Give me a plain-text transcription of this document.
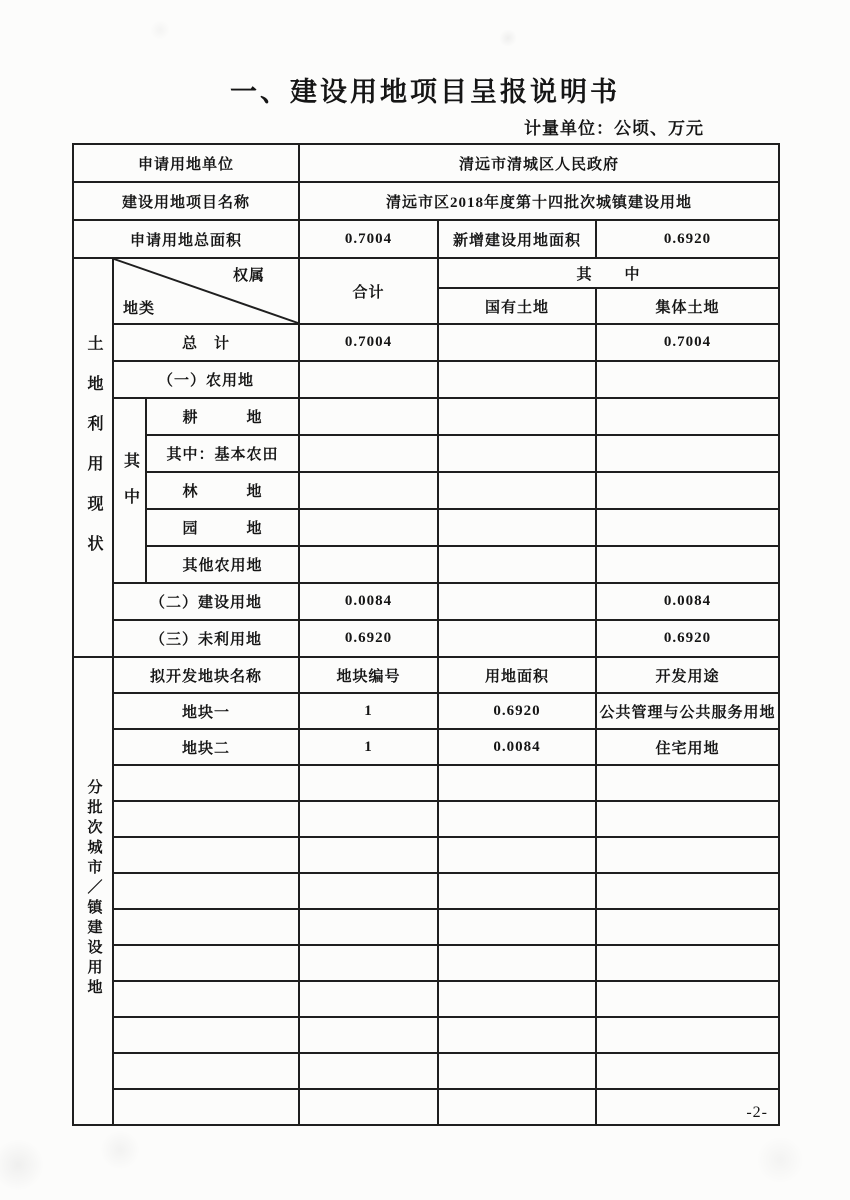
一、建设用地项目呈报说明书
计量单位：公顷、万元
申请用地单位			清远市清城区人民政府		
建设用地项目名称			清远市区2018年度第十四批次城镇建设用地		
申请用地总面积			0.7004	新增建设用地面积	0.6920
土地利用现状	权属
地类		合计	其　　中	
				国有土地	集体土地
	总　计		0.7004		0.7004
	（一）农用地				
	其中	耕　　　地			
		其中：基本农田			
		林　　　地			
		园　　　地			
		其他农用地			
	（二）建设用地		0.0084		0.0084
	（三）未利用地		0.6920		0.6920
分批次城市／镇建设用地	拟开发地块名称		地块编号	用地面积	开发用途
	地块一		1	0.6920	公共管理与公共服务用地
	地块二		1	0.0084	住宅用地

-2-
